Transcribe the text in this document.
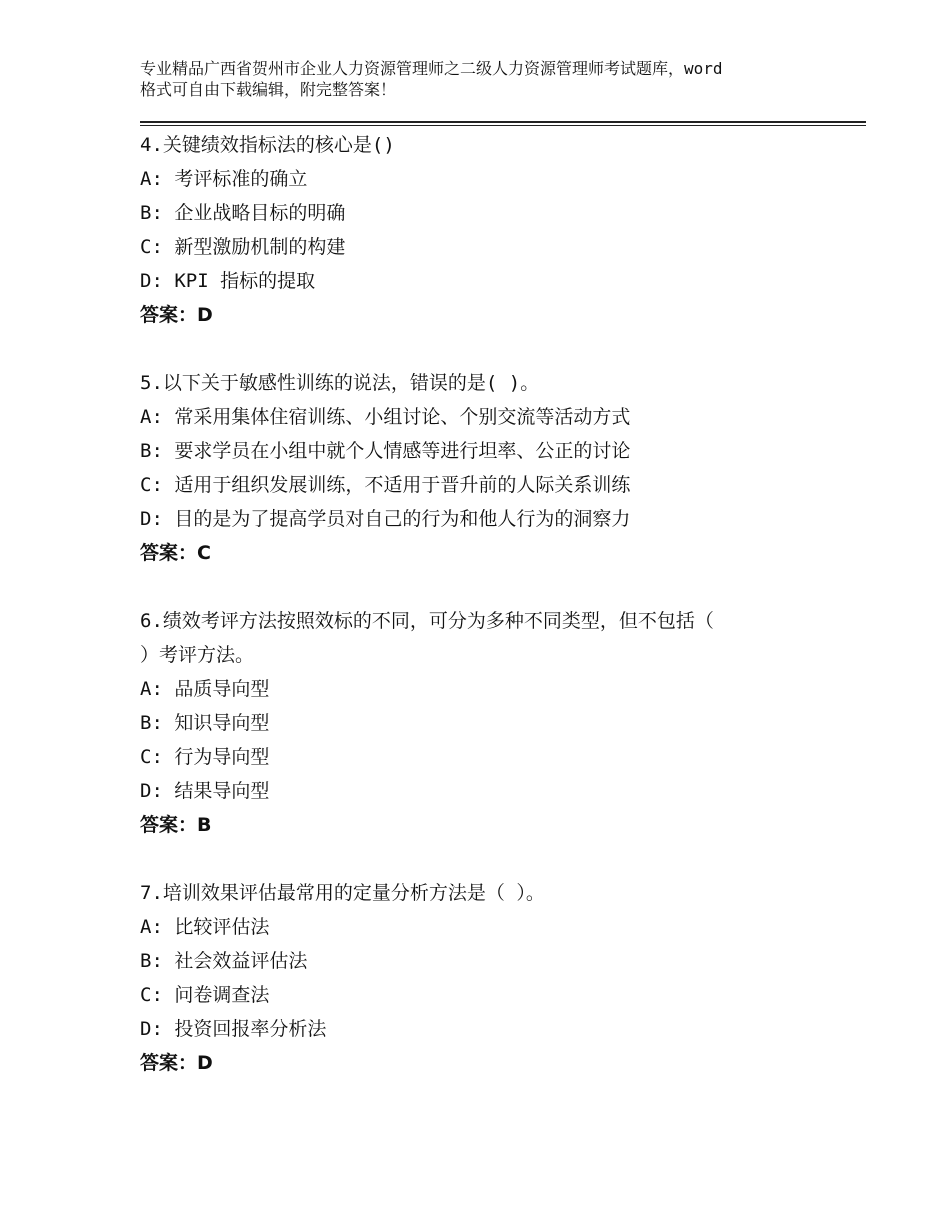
专业精品广西省贺州市企业人力资源管理师之二级人力资源管理师考试题库，word
格式可自由下载编辑，附完整答案！
4.关键绩效指标法的核心是()
A: 考评标准的确立
B: 企业战略目标的明确
C: 新型激励机制的构建
D: KPI 指标的提取
答案：D
5.以下关于敏感性训练的说法，错误的是( )。
A: 常采用集体住宿训练、小组讨论、个别交流等活动方式
B: 要求学员在小组中就个人情感等进行坦率、公正的讨论
C: 适用于组织发展训练，不适用于晋升前的人际关系训练
D: 目的是为了提高学员对自己的行为和他人行为的洞察力
答案：C
6.绩效考评方法按照效标的不同，可分为多种不同类型，但不包括（
）考评方法。
A: 品质导向型
B: 知识导向型
C: 行为导向型
D: 结果导向型
答案：B
7.培训效果评估最常用的定量分析方法是（ ）。
A: 比较评估法
B: 社会效益评估法
C: 问卷调查法
D: 投资回报率分析法
答案：D
